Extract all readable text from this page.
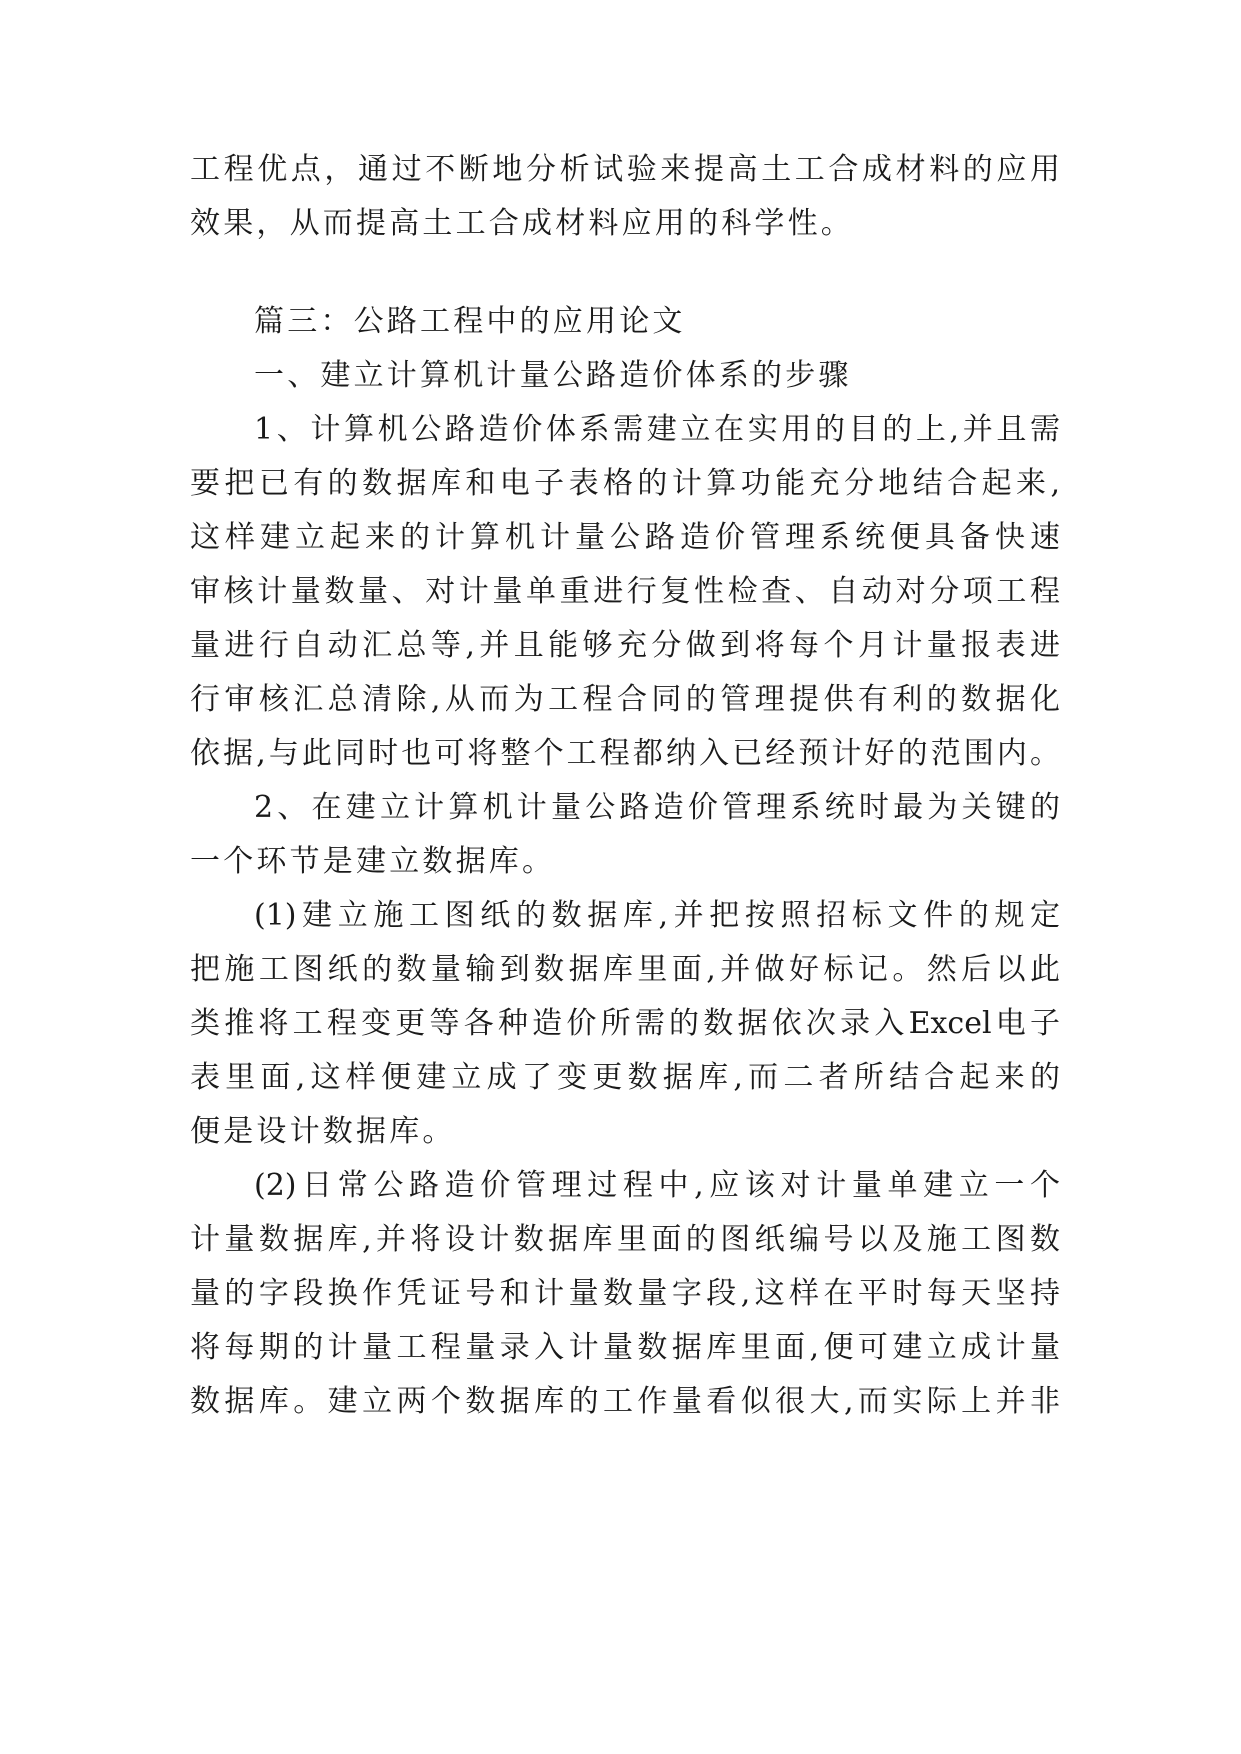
工程优点，通过不断地分析试验来提高土工合成材料的应用
效果，从而提高土工合成材料应用的科学性。
篇三：公路工程中的应用论文
一、建立计算机计量公路造价体系的步骤
1、计算机公路造价体系需建立在实用的目的上,并且需
要把已有的数据库和电子表格的计算功能充分地结合起来,
这样建立起来的计算机计量公路造价管理系统便具备快速
审核计量数量、对计量单重进行复性检查、自动对分项工程
量进行自动汇总等,并且能够充分做到将每个月计量报表进
行审核汇总清除,从而为工程合同的管理提供有利的数据化
依据,与此同时也可将整个工程都纳入已经预计好的范围内。
2、在建立计算机计量公路造价管理系统时最为关键的
一个环节是建立数据库。
(1)建立施工图纸的数据库,并把按照招标文件的规定
把施工图纸的数量输到数据库里面,并做好标记。然后以此
类推将工程变更等各种造价所需的数据依次录入Excel电子
表里面,这样便建立成了变更数据库,而二者所结合起来的
便是设计数据库。
(2)日常公路造价管理过程中,应该对计量单建立一个
计量数据库,并将设计数据库里面的图纸编号以及施工图数
量的字段换作凭证号和计量数量字段,这样在平时每天坚持
将每期的计量工程量录入计量数据库里面,便可建立成计量
数据库。建立两个数据库的工作量看似很大,而实际上并非
